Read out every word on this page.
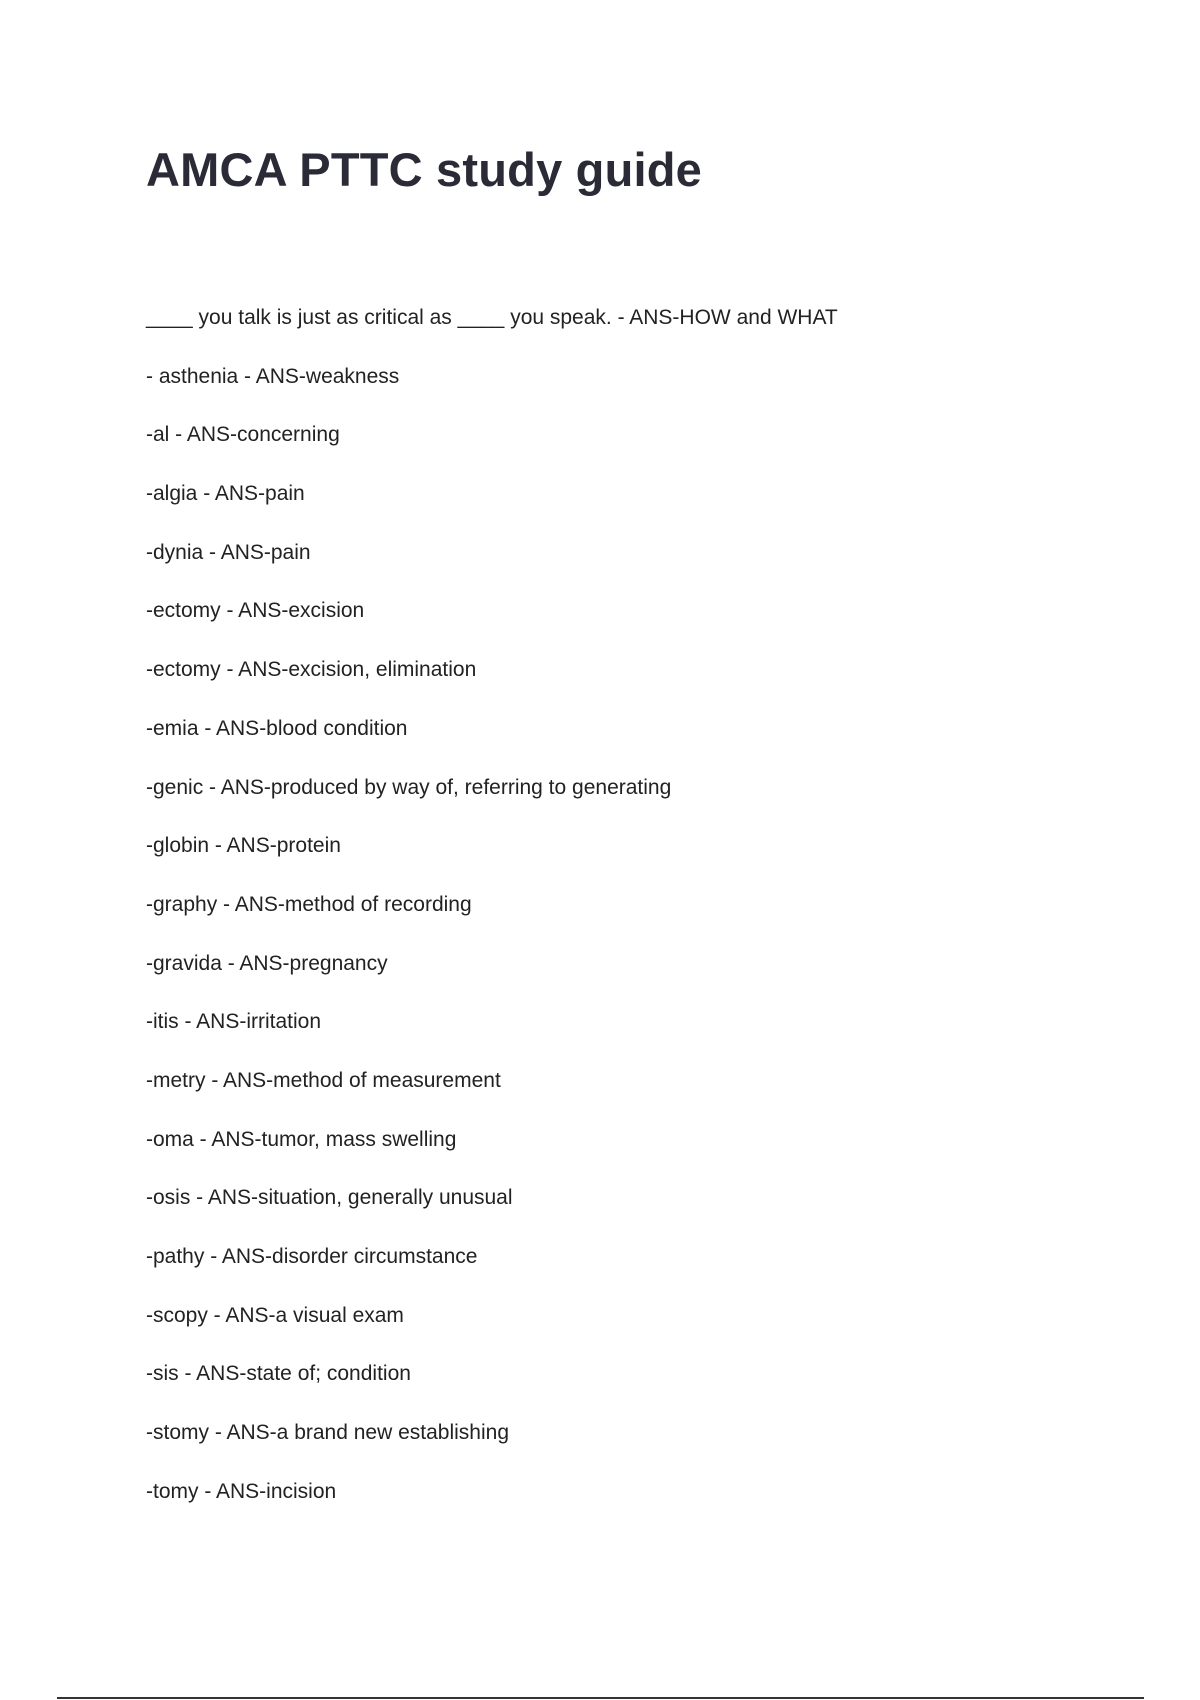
AMCA PTTC study guide
____ you talk is just as critical as ____ you speak. - ANS-HOW and WHAT
- asthenia - ANS-weakness
-al - ANS-concerning
-algia - ANS-pain
-dynia - ANS-pain
-ectomy - ANS-excision
-ectomy - ANS-excision, elimination
-emia - ANS-blood condition
-genic - ANS-produced by way of, referring to generating
-globin - ANS-protein
-graphy - ANS-method of recording
-gravida - ANS-pregnancy
-itis - ANS-irritation
-metry - ANS-method of measurement
-oma - ANS-tumor, mass swelling
-osis - ANS-situation, generally unusual
-pathy - ANS-disorder circumstance
-scopy - ANS-a visual exam
-sis - ANS-state of; condition
-stomy - ANS-a brand new establishing
-tomy - ANS-incision
